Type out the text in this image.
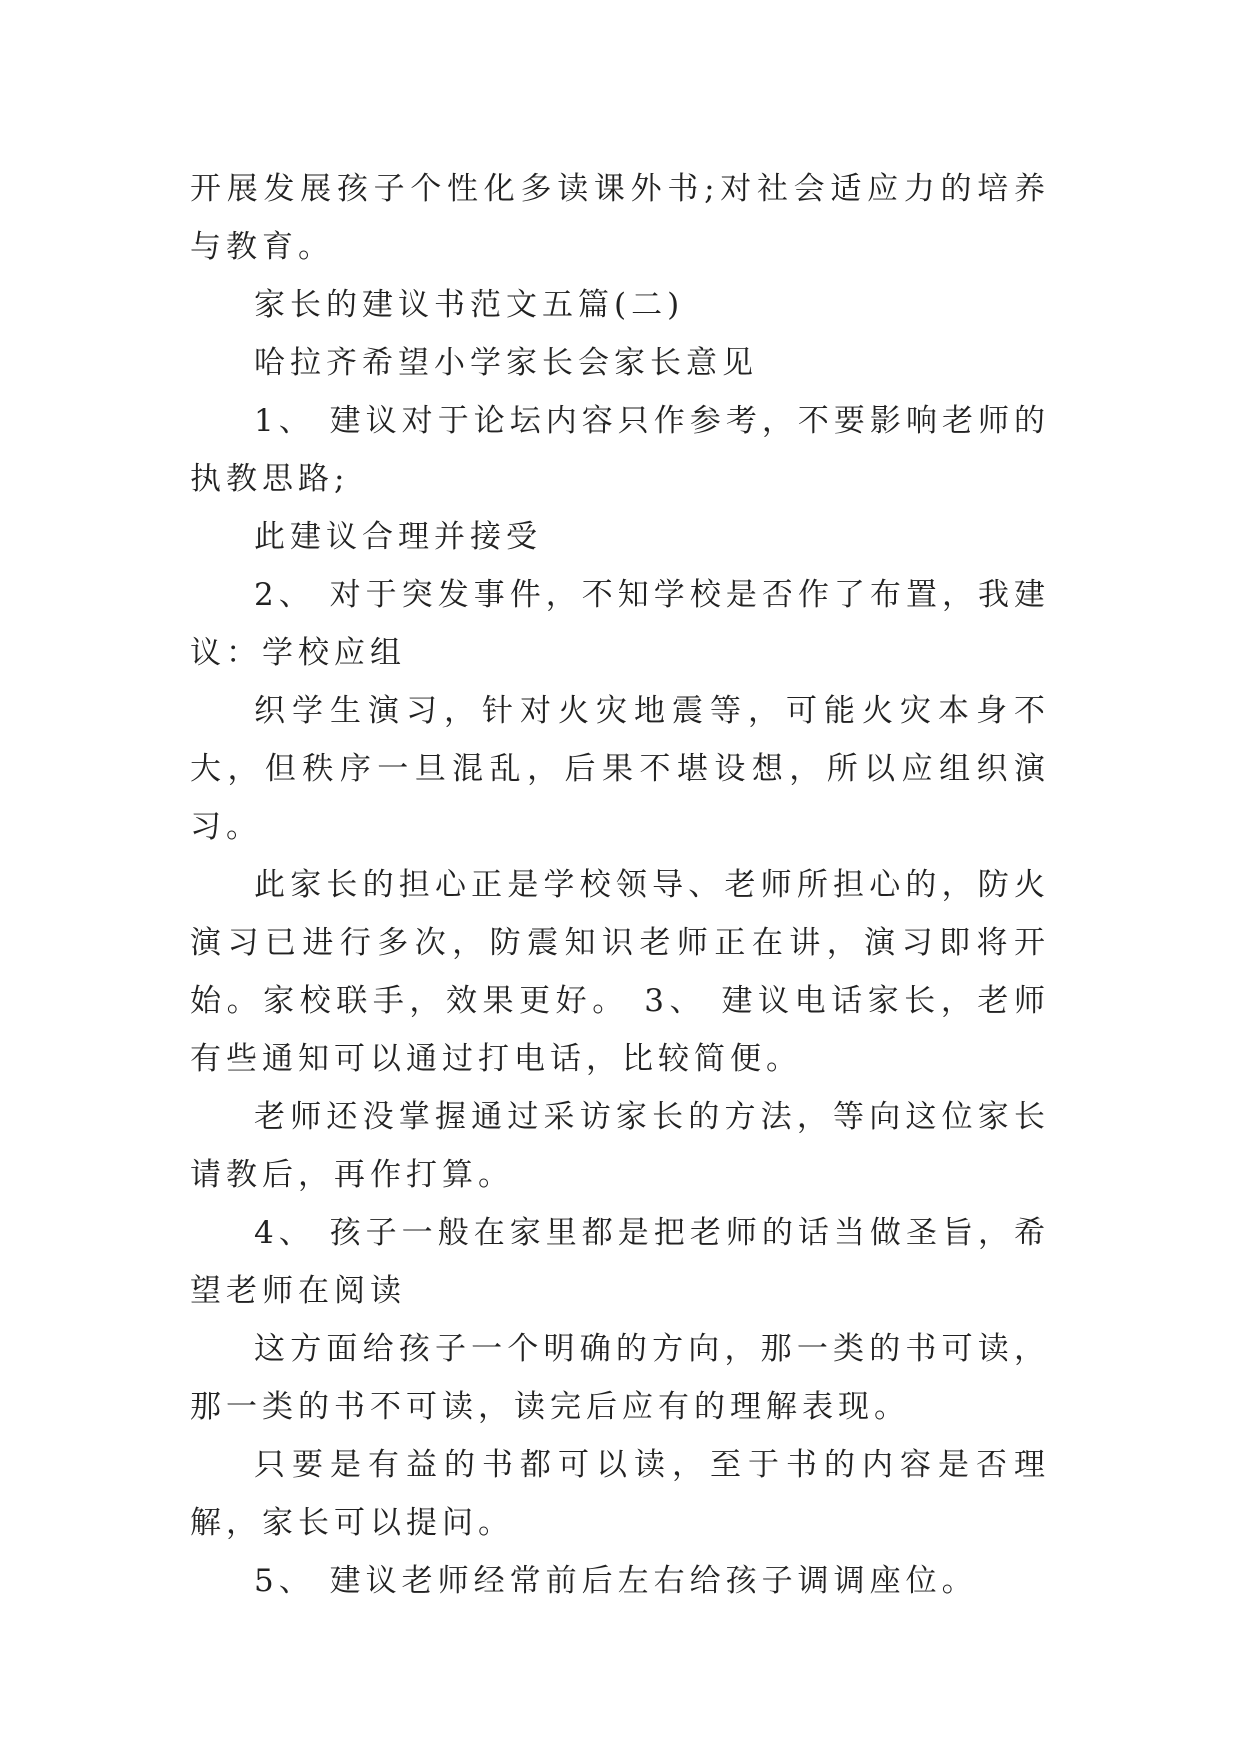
开展发展孩子个性化多读课外书;对社会适应力的培养与教育。

家长的建议书范文五篇(二)

哈拉齐希望小学家长会家长意见

1、 建议对于论坛内容只作参考，不要影响老师的执教思路;

此建议合理并接受

2、 对于突发事件，不知学校是否作了布置，我建议：学校应组

织学生演习，针对火灾地震等，可能火灾本身不大，但秩序一旦混乱，后果不堪设想，所以应组织演习。

此家长的担心正是学校领导、老师所担心的，防火演习已进行多次，防震知识老师正在讲，演习即将开始。家校联手，效果更好。 3、 建议电话家长，老师有些通知可以通过打电话，比较简便。

老师还没掌握通过采访家长的方法，等向这位家长请教后，再作打算。

4、 孩子一般在家里都是把老师的话当做圣旨，希望老师在阅读

这方面给孩子一个明确的方向，那一类的书可读，那一类的书不可读，读完后应有的理解表现。

只要是有益的书都可以读，至于书的内容是否理解，家长可以提问。

5、 建议老师经常前后左右给孩子调调座位。
